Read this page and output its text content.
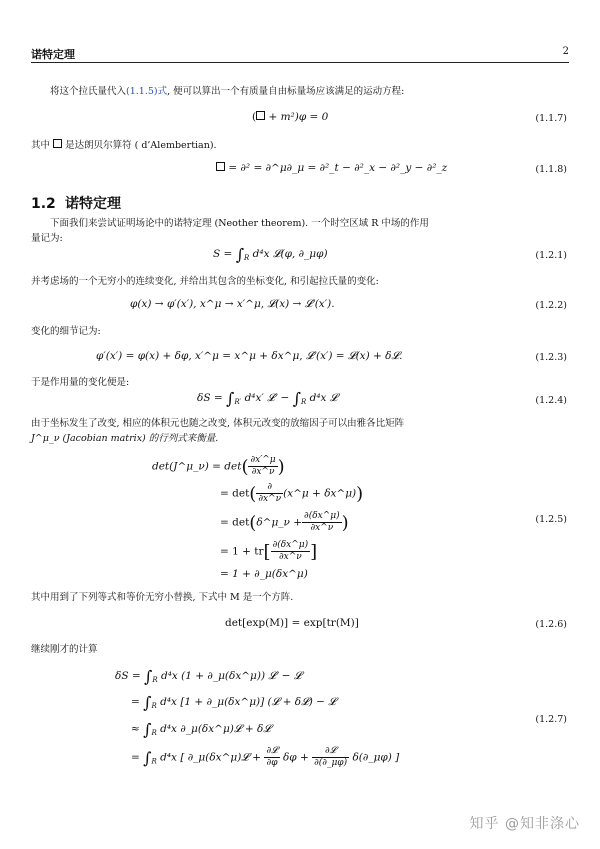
诺特定理	2
将这个拉氏量代入(1.1.5)式, 便可以算出一个有质量自由标量场应该满足的运动方程:
( + m²)φ = 0	(1.1.7)
其中 是达朗贝尔算符 ( d’Alembertian).
= ∂² = ∂^μ∂_μ = ∂²_t − ∂²_x − ∂²_y − ∂²_z	(1.1.8)
1.2 诺特定理
下面我们来尝试证明场论中的诺特定理 (Neother theorem). 一个时空区域 R 中场的作用
量记为:
$S = \int_R$ d⁴x 𝓛(φ, ∂_μφ)	(1.2.1)
并考虑场的一个无穷小的连续变化, 并给出其包含的坐标变化, 和引起拉氏量的变化:
φ(x) → φ′(x′), x^μ → x′^μ, 𝓛(x) → 𝓛′(x′).	(1.2.2)
变化的细节记为:
φ′(x′) = φ(x) + δφ, x′^μ = x^μ + δx^μ, 𝓛′(x′) = 𝓛(x) + δ𝓛.	(1.2.3)
于是作用量的变化便是:
$\delta S = \int_{R'}$ d⁴x′ 𝓛′ − $\int_R$ d⁴x 𝓛	(1.2.4)
由于坐标发生了改变, 相应的体积元也随之改变, 体积元改变的放缩因子可以由雅各比矩阵
J^μ_ν (Jacobian matrix) 的行列式来衡量.
det(J^μ_ν) = $\det( \frac{\partial x'\^{}\mu}{\partial x\^{}\nu}$ )
= $\det( \frac{\partial}{\partial x\^{}\nu}$ (x^μ + δx^μ))
= det(δ^μ_ν + $\frac{\partial(\delta x\^{}\mu)}{\partial x\^{}\nu}$ )	(1.2.5)
= $1 + tr[ \frac{\partial(\delta x\^{}\mu)}{\partial x\^{}\nu}$ ]
= 1 + ∂_μ(δx^μ)
其中用到了下列等式和等价无穷小替换, 下式中 M 是一个方阵.
det[exp(M)] = exp[tr(M)]	(1.2.6)
继续刚才的计算
$\delta S = \int_R$ d⁴x (1 + ∂_μ(δx^μ)) 𝓛′ − 𝓛
= $\int_R$ d⁴x [1 + ∂_μ(δx^μ)] (𝓛 + δ𝓛) − 𝓛
≈ $\int_R$ d⁴x ∂_μ(δx^μ)𝓛 + δ𝓛
(1.2.7)
= $\int_R$ d⁴x [ ∂_μ(δx^μ)𝓛 + $\frac{\text{∂𝓛}}{\partial\varphi}$ $\delta\varphi + \frac{\text{∂𝓛}}{\partial(\partial\_\mu\varphi)}$ δ(∂_μφ) ]
知乎 @知非涤心
